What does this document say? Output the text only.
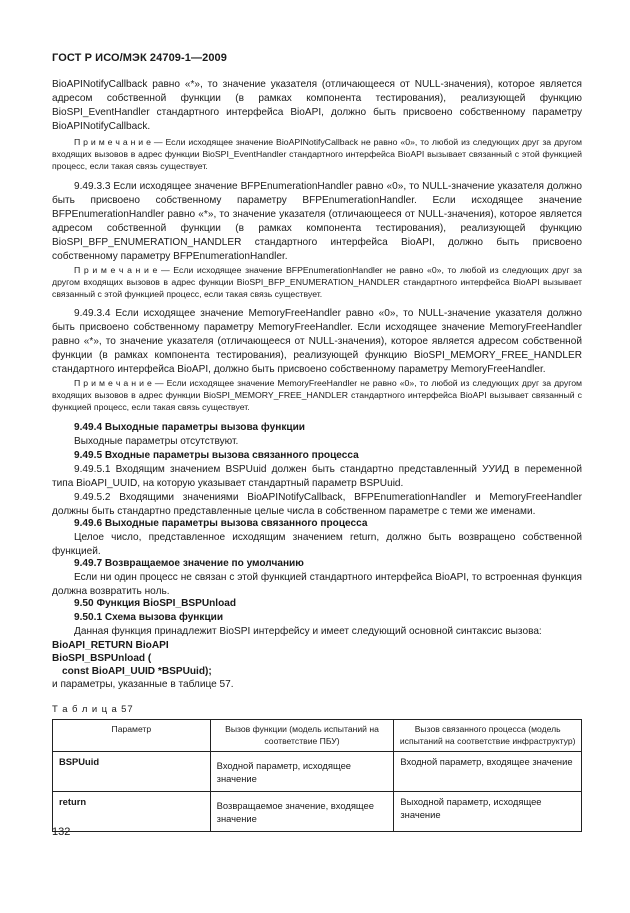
ГОСТ Р ИСО/МЭК 24709-1—2009
BioAPINotifyCallback равно «*», то значение указателя (отличающееся от NULL-значения), которое является адресом собственной функции (в рамках компонента тестирования), реализующей функцию BioSPI_EventHandler стандартного интерфейса BioAPI, должно быть присвоено собственному параметру BioAPINotifyCallback.
П р и м е ч а н и е — Если исходящее значение BioAPINotifyCallback не равно «0», то любой из следующих друг за другом входящих вызовов в адрес функции BioSPI_EventHandler стандартного интерфейса BioAPI вызывает связанный с этой функцией процесс, если такая связь существует.
9.49.3.3 Если исходящее значение BFPEnumerationHandler равно «0», то NULL-значение указателя должно быть присвоено собственному параметру BFPEnumerationHandler. Если исходящее значение BFPEnumerationHandler равно «*», то значение указателя (отличающееся от NULL-значения), которое является адресом собственной функции (в рамках компонента тестирования), реализующей функцию BioSPI_BFP_ENUMERATION_HANDLER стандартного интерфейса BioAPI, должно быть присвоено собственному параметру BFPEnumerationHandler.
П р и м е ч а н и е — Если исходящее значение BFPEnumerationHandler не равно «0», то любой из следующих друг за другом входящих вызовов в адрес функции BioSPI_BFP_ENUMERATION_HANDLER стандартного интерфейса BioAPI вызывает связанный с этой функцией процесс, если такая связь существует.
9.49.3.4 Если исходящее значение MemoryFreeHandler равно «0», то NULL-значение указателя должно быть присвоено собственному параметру MemoryFreeHandler. Если исходящее значение MemoryFreeHandler равно «*», то значение указателя (отличающееся от NULL-значения), которое является адресом собственной функции (в рамках компонента тестирования), реализующей функцию BioSPI_MEMORY_FREE_HANDLER стандартного интерфейса BioAPI, должно быть присвоено собственному параметру MemoryFreeHandler.
П р и м е ч а н и е — Если исходящее значение MemoryFreeHandler не равно «0», то любой из следующих друг за другом входящих вызовов в адрес функции BioSPI_MEMORY_FREE_HANDLER стандартного интерфейса BioAPI вызывает связанный с функцией процесс, если такая связь существует.
9.49.4 Выходные параметры вызова функции
Выходные параметры отсутствуют.
9.49.5 Входные параметры вызова связанного процесса
9.49.5.1 Входящим значением BSPUuid должен быть стандартно представленный УУИД в переменной типа BioAPI_UUID, на которую указывает стандартный параметр BSPUuid.
9.49.5.2 Входящими значениями BioAPINotifyCallback, BFPEnumerationHandler и MemoryFreeHandler должны быть стандартно представленные целые числа в собственном параметре с теми же именами.
9.49.6 Выходные параметры вызова связанного процесса
Целое число, представленное исходящим значением return, должно быть возвращено собственной функцией.
9.49.7 Возвращаемое значение по умолчанию
Если ни один процесс не связан с этой функцией стандартного интерфейса BioAPI, то встроенная функция должна возвратить ноль.
9.50 Функция BioSPI_BSPUnload
9.50.1 Схема вызова функции
Данная функция принадлежит BioSPI интерфейсу и имеет следующий основной синтаксис вызова:
BioAPI_RETURN BioAPI
BioSPI_BSPUnload (
const BioAPI_UUID *BSPUuid);
и параметры, указанные в таблице 57.
Т а б л и ц а 57
Параметр	Вызов функции (модель испытаний на соответствие ПБУ)	Вызов связанного процесса (модель испытаний на соответствие инфраструктур)
BSPUuid	Входной параметр, исходящее значение	Входной параметр, входящее значение
return	Возвращаемое значение, входящее значение	Выходной параметр, исходящее значение
132
